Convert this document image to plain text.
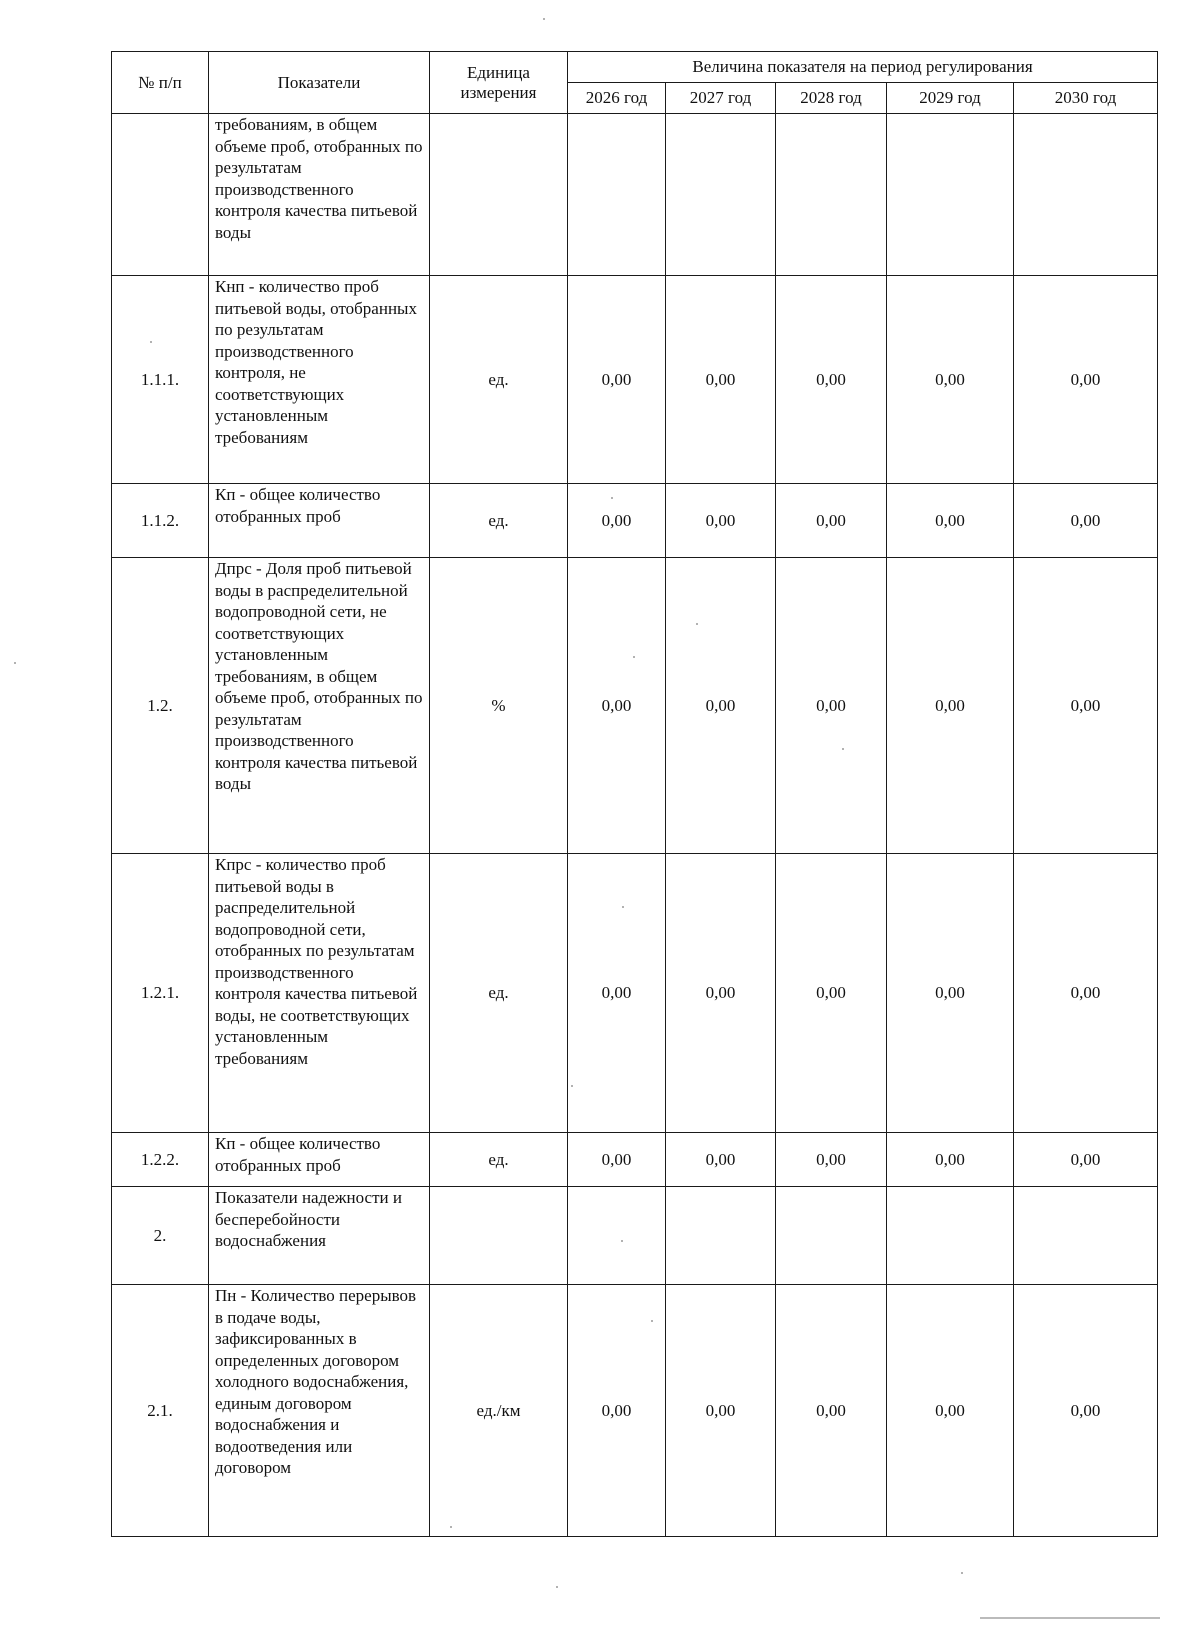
№ п/п	Показатели	Единица измерения	Величина показателя на период регулирования				
			2026 год	2027 год	2028 год	2029 год	2030 год
	требованиям, в общем объеме проб, отобранных по результатам производственного контроля качества питьевой воды						
1.1.1.	Кнп - количество проб питьевой воды, отобранных по результатам производственного контроля, не соответствующих установленным требованиям	ед.	0,00	0,00	0,00	0,00	0,00
1.1.2.	Кп - общее количество отобранных проб	ед.	0,00	0,00	0,00	0,00	0,00
1.2.	Дпрс - Доля проб питьевой воды в распределительной водопроводной сети, не соответствующих установленным требованиям, в общем объеме проб, отобранных по результатам производственного контроля качества питьевой воды	%	0,00	0,00	0,00	0,00	0,00
1.2.1.	Кпрс - количество проб питьевой воды в распределительной водопроводной сети, отобранных по результатам производственного контроля качества питьевой воды, не соответствующих установленным требованиям	ед.	0,00	0,00	0,00	0,00	0,00
1.2.2.	Кп - общее количество отобранных проб	ед.	0,00	0,00	0,00	0,00	0,00
2.	Показатели надежности и бесперебойности водоснабжения						
2.1.	Пн - Количество перерывов в подаче воды, зафиксированных в определенных договором холодного водоснабжения, единым договором водоснабжения и водоотведения или договором	ед./км	0,00	0,00	0,00	0,00	0,00
